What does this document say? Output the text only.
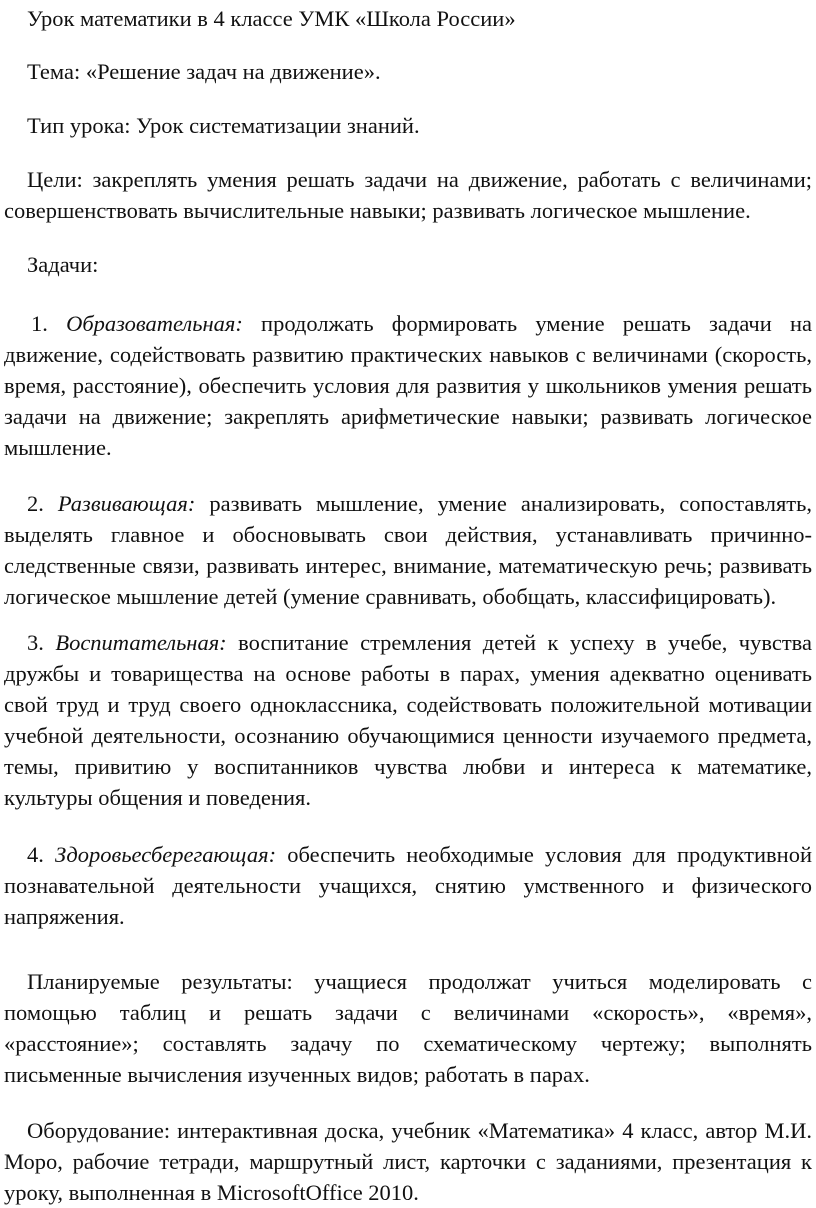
Урок математики в 4 классе УМК «Школа России»

Тема: «Решение задач на движение».

Тип урока: Урок систематизации знаний.

Цели: закреплять умения решать задачи на движение, работать с величинами; совершенствовать вычислительные навыки; развивать логическое мышление.

Задачи:

1. Образовательная: продолжать формировать умение решать задачи на движение, содействовать развитию практических навыков с величинами (скорость, время, расстояние), обеспечить условия для развития у школьников умения решать задачи на движение; закреплять арифметические навыки; развивать логическое мышление.

2. Развивающая: развивать мышление, умение анализировать, сопоставлять, выделять главное и обосновывать свои действия, устанавливать причинно-следственные связи, развивать интерес, внимание, математическую речь; развивать логическое мышление детей (умение сравнивать, обобщать, классифицировать).

3. Воспитательная: воспитание стремления детей к успеху в учебе, чувства дружбы и товарищества на основе работы в парах, умения адекватно оценивать свой труд и труд своего одноклассника, содействовать положительной мотивации учебной деятельности, осознанию обучающимися ценности изучаемого предмета, темы, привитию у воспитанников чувства любви и интереса к математике, культуры общения и поведения.

4. Здоровьесберегающая: обеспечить необходимые условия для продуктивной познавательной деятельности учащихся, снятию умственного и физического напряжения.

Планируемые результаты: учащиеся продолжат учиться моделировать с помощью таблиц и решать задачи с величинами «скорость», «время», «расстояние»; составлять задачу по схематическому чертежу; выполнять письменные вычисления изученных видов; работать в парах.

Оборудование: интерактивная доска, учебник «Математика» 4 класс, автор М.И. Моро, рабочие тетради, маршрутный лист, карточки с заданиями, презентация к уроку, выполненная в MicrosoftOffice 2010.
